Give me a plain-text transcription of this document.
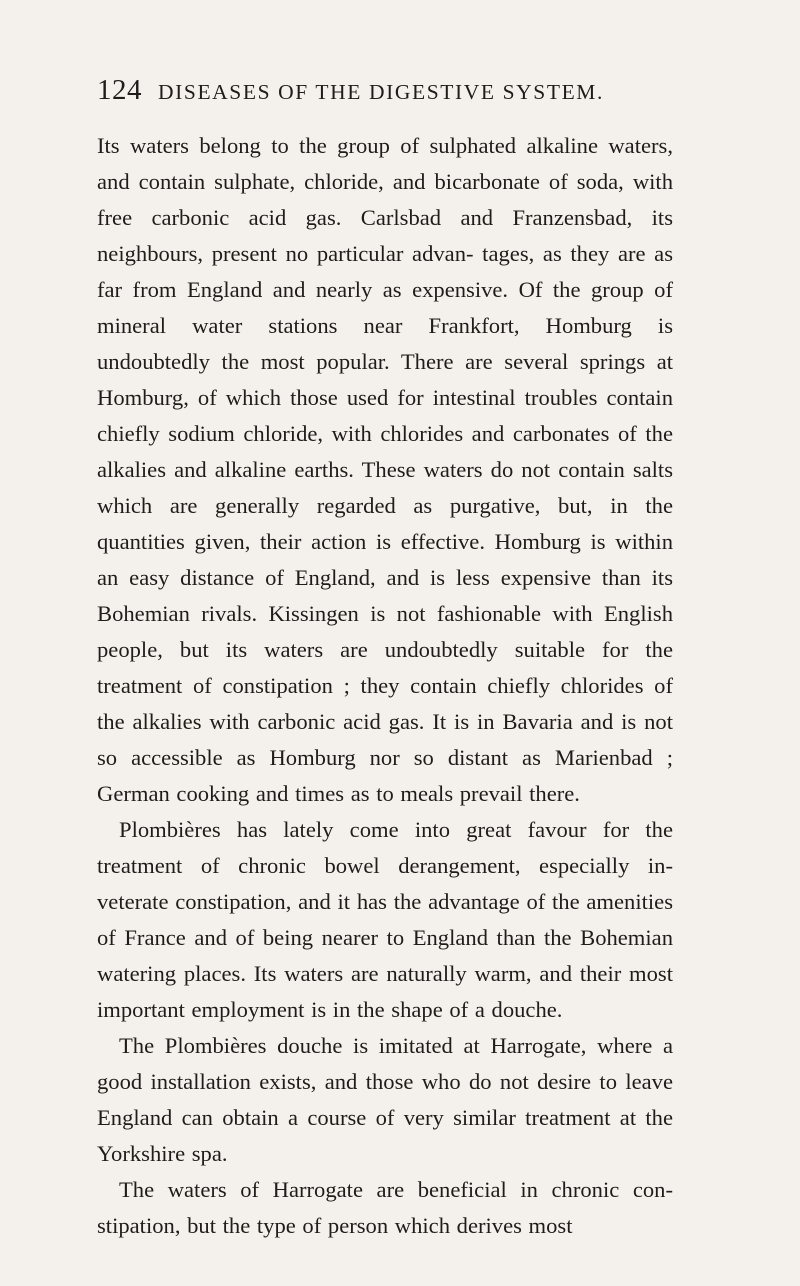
124 DISEASES OF THE DIGESTIVE SYSTEM.

Its waters belong to the group of sulphated alkaline waters, and contain sulphate, chloride, and bicarbonate of soda, with free carbonic acid gas. Carlsbad and Franzensbad, its neighbours, present no particular advan- tages, as they are as far from England and nearly as expensive. Of the group of mineral water stations near Frankfort, Homburg is undoubtedly the most popular. There are several springs at Homburg, of which those used for intestinal troubles contain chiefly sodium chloride, with chlorides and carbonates of the alkalies and alkaline earths. These waters do not contain salts which are generally regarded as purgative, but, in the quantities given, their action is effective. Homburg is within an easy distance of England, and is less expensive than its Bohemian rivals. Kissingen is not fashionable with English people, but its waters are undoubtedly suitable for the treatment of constipation ; they contain chiefly chlorides of the alkalies with carbonic acid gas. It is in Bavaria and is not so accessible as Homburg nor so distant as Marienbad ; German cooking and times as to meals prevail there.

Plombières has lately come into great favour for the treatment of chronic bowel derangement, especially in- veterate constipation, and it has the advantage of the amenities of France and of being nearer to England than the Bohemian watering places. Its waters are naturally warm, and their most important employment is in the shape of a douche.

The Plombières douche is imitated at Harrogate, where a good installation exists, and those who do not desire to leave England can obtain a course of very similar treatment at the Yorkshire spa.

The waters of Harrogate are beneficial in chronic con- stipation, but the type of person which derives most
